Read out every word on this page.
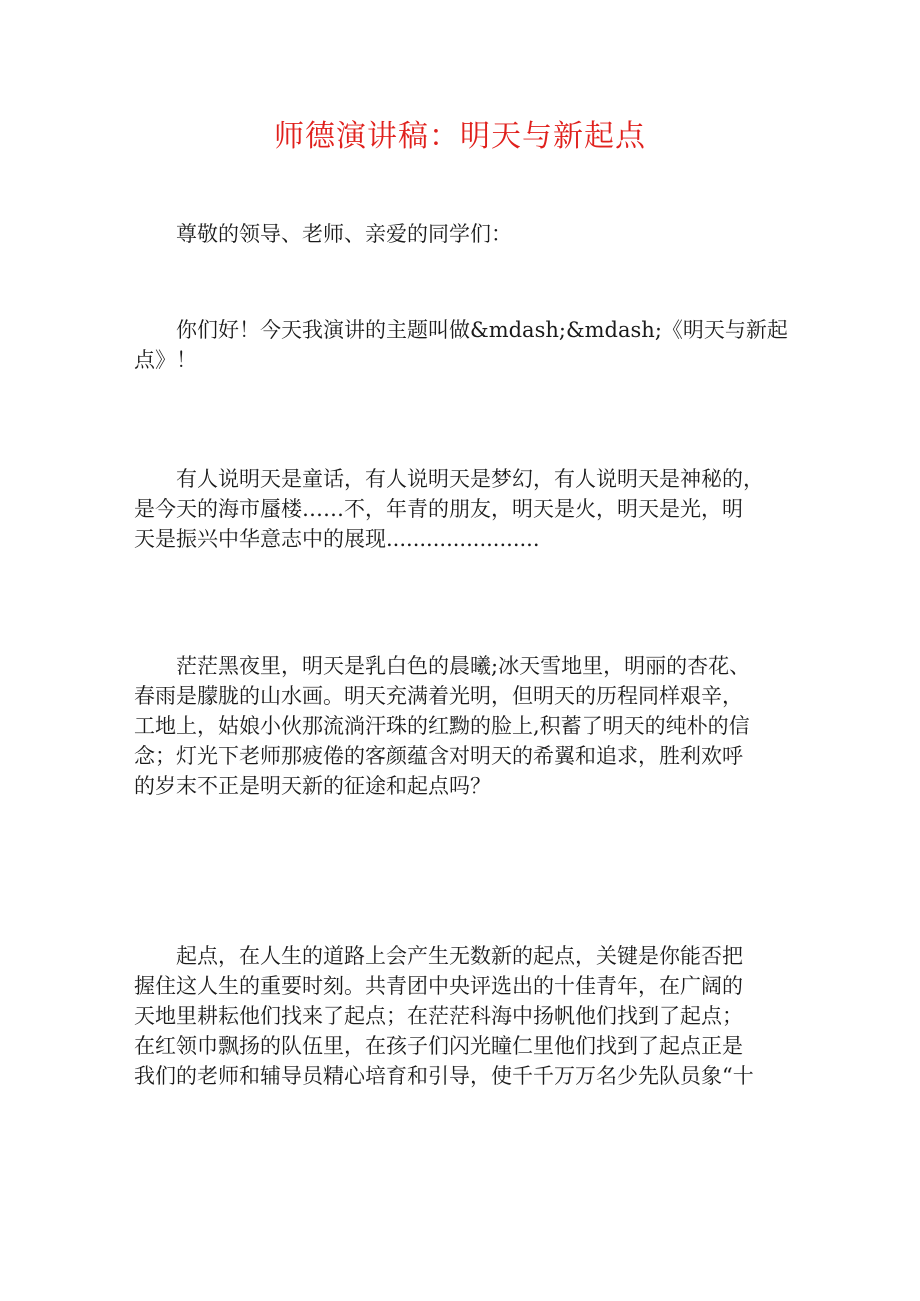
师德演讲稿：明天与新起点
尊敬的领导、老师、亲爱的同学们：
你们好！今天我演讲的主题叫做&mdash;&mdash;《明天与新起
点》！
有人说明天是童话，有人说明天是梦幻，有人说明天是神秘的，
是今天的海市蜃楼……不，年青的朋友，明天是火，明天是光，明
天是振兴中华意志中的展现.......................
茫茫黑夜里，明天是乳白色的晨曦;冰天雪地里，明丽的杏花、
春雨是朦胧的山水画。明天充满着光明，但明天的历程同样艰辛，
工地上，姑娘小伙那流淌汗珠的红黝的脸上,积蓄了明天的纯朴的信
念；灯光下老师那疲倦的客颜蕴含对明天的希翼和追求，胜利欢呼
的岁末不正是明天新的征途和起点吗？
起点，在人生的道路上会产生无数新的起点，关键是你能否把
握住这人生的重要时刻。共青团中央评选出的十佳青年，在广阔的
天地里耕耘他们找来了起点；在茫茫科海中扬帆他们找到了起点；
在红领巾飘扬的队伍里，在孩子们闪光瞳仁里他们找到了起点正是
我们的老师和辅导员精心培育和引导，使千千万万名少先队员象“十
